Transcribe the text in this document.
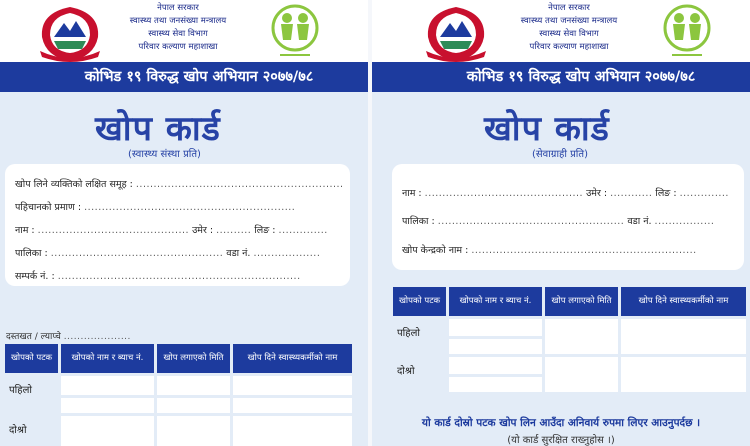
नेपाल सरकार
स्वास्थ्य तथा जनसंख्या मन्त्रालय
स्वास्थ्य सेवा विभाग
परिवार कल्याण महाशाखा
कोभिड १९ विरुद्ध खोप अभियान २०७७/७८
खोप कार्ड
(स्वास्थ्य संस्था प्रति)
खोप लिने व्यक्तिको लक्षित समूह : ...........................................................
पहिचानको प्रमाण : ............................................................
नाम : ........................................... उमेर : .......... लिङ : ..............
पालिका : ................................................. वडा नं. ...................
सम्पर्क नं. : .....................................................................
दस्तखत / ल्याप्चे ....................
खोपको पटक	खोपको नाम र ब्याच नं.	खोप लगाएको मिति	खोप दिने स्वास्थ्यकर्मीको नाम
पहिलो			

दोश्रो			
नेपाल सरकार
स्वास्थ्य तथा जनसंख्या मन्त्रालय
स्वास्थ्य सेवा विभाग
परिवार कल्याण महाशाखा
कोभिड १९ विरुद्ध खोप अभियान २०७७/७८
खोप कार्ड
(सेवाग्राही प्रति)
नाम : ............................................. उमेर : ............ लिङ : ..............
पालिका : ..................................................... वडा नं. .................
खोप केन्द्रको नाम : ................................................................
खोपको पटक	खोपको नाम र ब्याच नं.	खोप लगाएको मिति	खोप दिने स्वास्थ्यकर्मीको नाम
पहिलो			

दोश्रो			

यो कार्ड दोस्रो पटक खोप लिन आउँदा अनिवार्य रुपमा लिएर आउनुपर्दछ ।
(यो कार्ड सुरक्षित राख्नुहोस ।)
